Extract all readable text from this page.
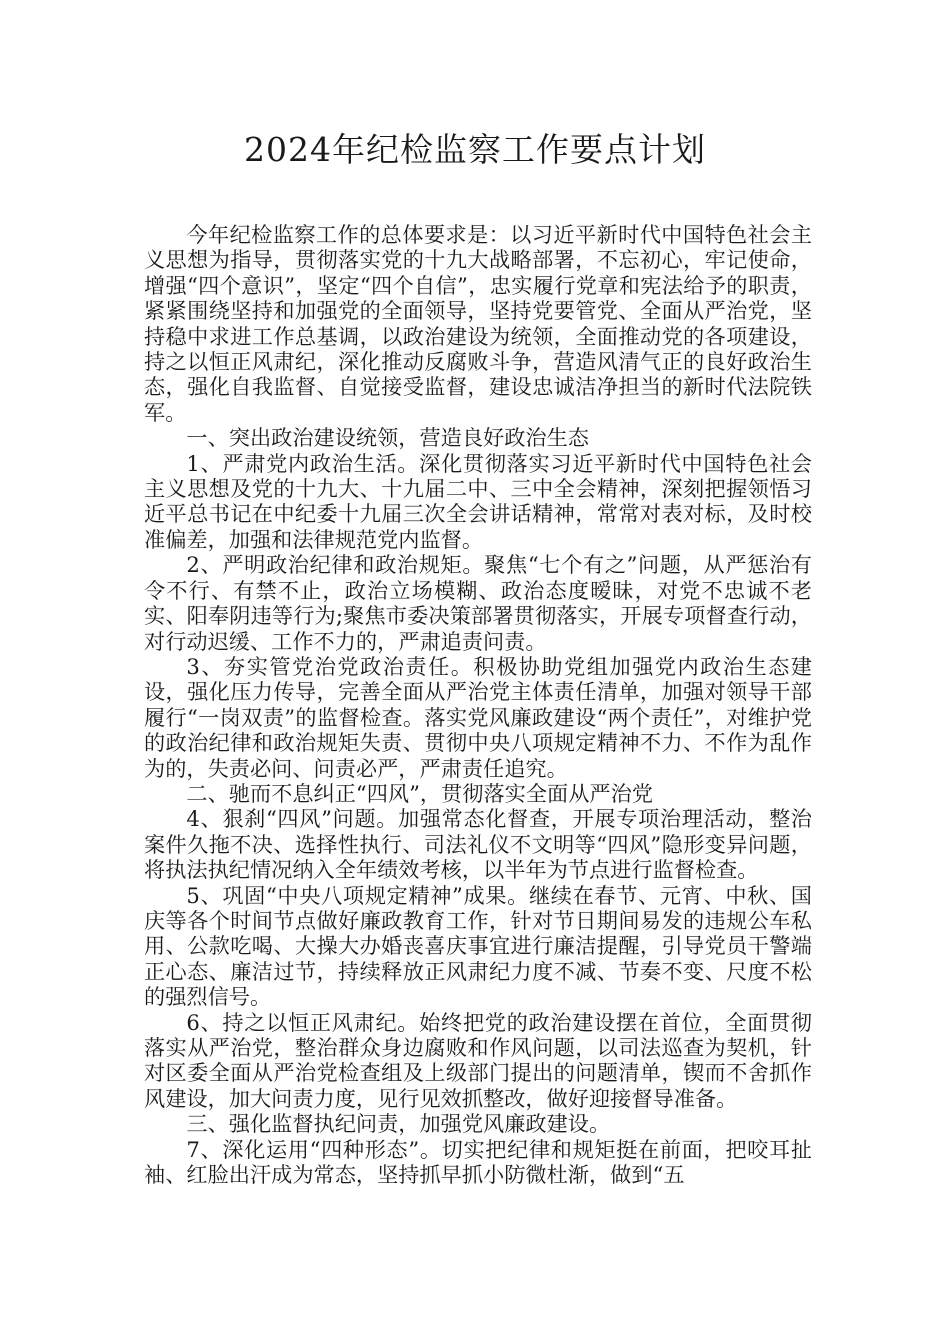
2024年纪检监察工作要点计划

今年纪检监察工作的总体要求是：以习近平新时代中国特色社会主义思想为指导，贯彻落实党的十九大战略部署，不忘初心，牢记使命，增强“四个意识”，坚定“四个自信”，忠实履行党章和宪法给予的职责，紧紧围绕坚持和加强党的全面领导，坚持党要管党、全面从严治党，坚持稳中求进工作总基调，以政治建设为统领，全面推动党的各项建设，持之以恒正风肃纪，深化推动反腐败斗争，营造风清气正的良好政治生态，强化自我监督、自觉接受监督，建设忠诚洁净担当的新时代法院铁军。

一、突出政治建设统领，营造良好政治生态

1、严肃党内政治生活。深化贯彻落实习近平新时代中国特色社会主义思想及党的十九大、十九届二中、三中全会精神，深刻把握领悟习近平总书记在中纪委十九届三次全会讲话精神，常常对表对标，及时校准偏差，加强和法律规范党内监督。

2、严明政治纪律和政治规矩。聚焦“七个有之”问题，从严惩治有令不行、有禁不止，政治立场模糊、政治态度暧昧，对党不忠诚不老实、阳奉阴违等行为;聚焦市委决策部署贯彻落实，开展专项督查行动，对行动迟缓、工作不力的，严肃追责问责。

3、夯实管党治党政治责任。积极协助党组加强党内政治生态建设，强化压力传导，完善全面从严治党主体责任清单，加强对领导干部履行“一岗双责”的监督检查。落实党风廉政建设“两个责任”，对维护党的政治纪律和政治规矩失责、贯彻中央八项规定精神不力、不作为乱作为的，失责必问、问责必严，严肃责任追究。

二、驰而不息纠正“四风”，贯彻落实全面从严治党

4、狠刹“四风”问题。加强常态化督查，开展专项治理活动，整治案件久拖不决、选择性执行、司法礼仪不文明等“四风”隐形变异问题，将执法执纪情况纳入全年绩效考核，以半年为节点进行监督检查。

5、巩固“中央八项规定精神”成果。继续在春节、元宵、中秋、国庆等各个时间节点做好廉政教育工作，针对节日期间易发的违规公车私用、公款吃喝、大操大办婚丧喜庆事宜进行廉洁提醒，引导党员干警端正心态、廉洁过节，持续释放正风肃纪力度不减、节奏不变、尺度不松的强烈信号。

6、持之以恒正风肃纪。始终把党的政治建设摆在首位，全面贯彻落实从严治党，整治群众身边腐败和作风问题，以司法巡查为契机，针对区委全面从严治党检查组及上级部门提出的问题清单，锲而不舍抓作风建设，加大问责力度，见行见效抓整改，做好迎接督导准备。

三、强化监督执纪问责，加强党风廉政建设。

7、深化运用“四种形态”。切实把纪律和规矩挺在前面，把咬耳扯袖、红脸出汗成为常态，坚持抓早抓小防微杜渐，做到“五
